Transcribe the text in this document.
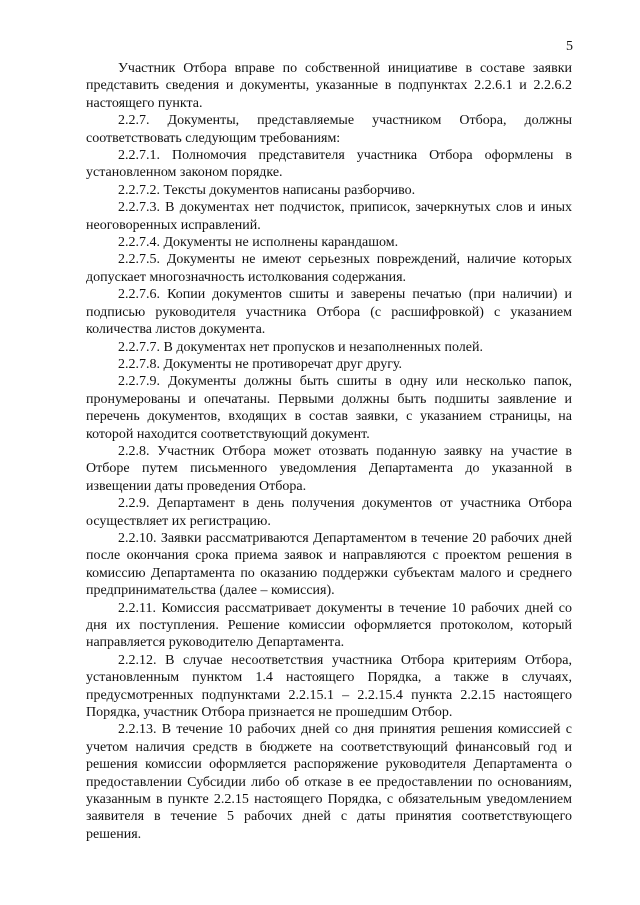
5

Участник Отбора вправе по собственной инициативе в составе заявки представить сведения и документы, указанные в подпунктах 2.2.6.1 и 2.2.6.2 настоящего пункта.

2.2.7. Документы, представляемые участником Отбора, должны соответствовать следующим требованиям:

2.2.7.1. Полномочия представителя участника Отбора оформлены в установленном законом порядке.

2.2.7.2. Тексты документов написаны разборчиво.

2.2.7.3. В документах нет подчисток, приписок, зачеркнутых слов и иных неоговоренных исправлений.

2.2.7.4. Документы не исполнены карандашом.

2.2.7.5. Документы не имеют серьезных повреждений, наличие которых допускает многозначность истолкования содержания.

2.2.7.6. Копии документов сшиты и заверены печатью (при наличии) и подписью руководителя участника Отбора (с расшифровкой) с указанием количества листов документа.

2.2.7.7. В документах нет пропусков и незаполненных полей.

2.2.7.8. Документы не противоречат друг другу.

2.2.7.9. Документы должны быть сшиты в одну или несколько папок, пронумерованы и опечатаны. Первыми должны быть подшиты заявление и перечень документов, входящих в состав заявки, с указанием страницы, на которой находится соответствующий документ.

2.2.8. Участник Отбора может отозвать поданную заявку на участие в Отборе путем письменного уведомления Департамента до указанной в извещении даты проведения Отбора.

2.2.9. Департамент в день получения документов от участника Отбора осуществляет их регистрацию.

2.2.10. Заявки рассматриваются Департаментом в течение 20 рабочих дней после окончания срока приема заявок и направляются с проектом решения в комиссию Департамента по оказанию поддержки субъектам малого и среднего предпринимательства (далее – комиссия).

2.2.11. Комиссия рассматривает документы в течение 10 рабочих дней со дня их поступления. Решение комиссии оформляется протоколом, который направляется руководителю Департамента.

2.2.12. В случае несоответствия участника Отбора критериям Отбора, установленным пунктом 1.4 настоящего Порядка, а также в случаях, предусмотренных подпунктами 2.2.15.1 – 2.2.15.4 пункта 2.2.15 настоящего Порядка, участник Отбора признается не прошедшим Отбор.

2.2.13. В течение 10 рабочих дней со дня принятия решения комиссией с учетом наличия средств в бюджете на соответствующий финансовый год и решения комиссии оформляется распоряжение руководителя Департамента о предоставлении Субсидии либо об отказе в ее предоставлении по основаниям, указанным в пункте 2.2.15 настоящего Порядка, с обязательным уведомлением заявителя в течение 5 рабочих дней с даты принятия соответствующего решения.
